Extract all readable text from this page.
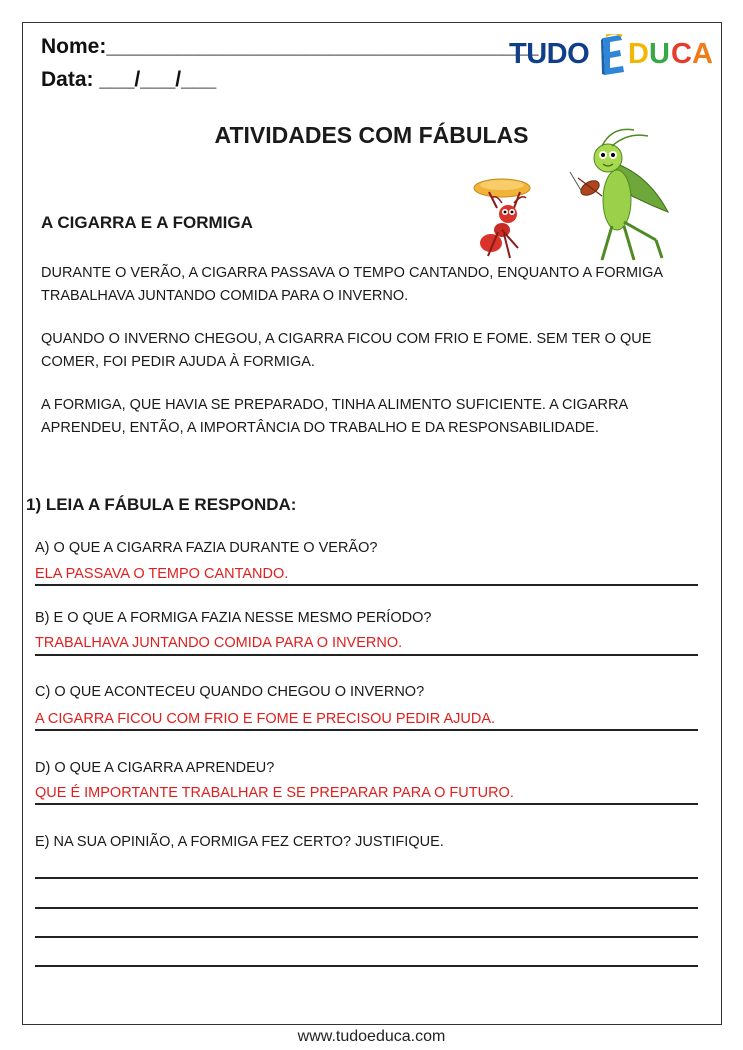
Nome:_____________________________________
Data: ___/___/___
TUDO D U C A
ATIVIDADES COM FÁBULAS
A CIGARRA E A FORMIGA
DURANTE O VERÃO, A CIGARRA PASSAVA O TEMPO CANTANDO, ENQUANTO A FORMIGA TRABALHAVA JUNTANDO COMIDA PARA O INVERNO.
QUANDO O INVERNO CHEGOU, A CIGARRA FICOU COM FRIO E FOME. SEM TER O QUE COMER, FOI PEDIR AJUDA À FORMIGA.
A FORMIGA, QUE HAVIA SE PREPARADO, TINHA ALIMENTO SUFICIENTE. A CIGARRA APRENDEU, ENTÃO, A IMPORTÂNCIA DO TRABALHO E DA RESPONSABILIDADE.
1) LEIA A FÁBULA E RESPONDA:
A) O QUE A CIGARRA FAZIA DURANTE O VERÃO?
ELA PASSAVA O TEMPO CANTANDO.
B) E O QUE A FORMIGA FAZIA NESSE MESMO PERÍODO?
TRABALHAVA JUNTANDO COMIDA PARA O INVERNO.
C) O QUE ACONTECEU QUANDO CHEGOU O INVERNO?
A CIGARRA FICOU COM FRIO E FOME E PRECISOU PEDIR AJUDA.
D) O QUE A CIGARRA APRENDEU?
QUE É IMPORTANTE TRABALHAR E SE PREPARAR PARA O FUTURO.
E) NA SUA OPINIÃO, A FORMIGA FEZ CERTO? JUSTIFIQUE.
www.tudoeduca.com
